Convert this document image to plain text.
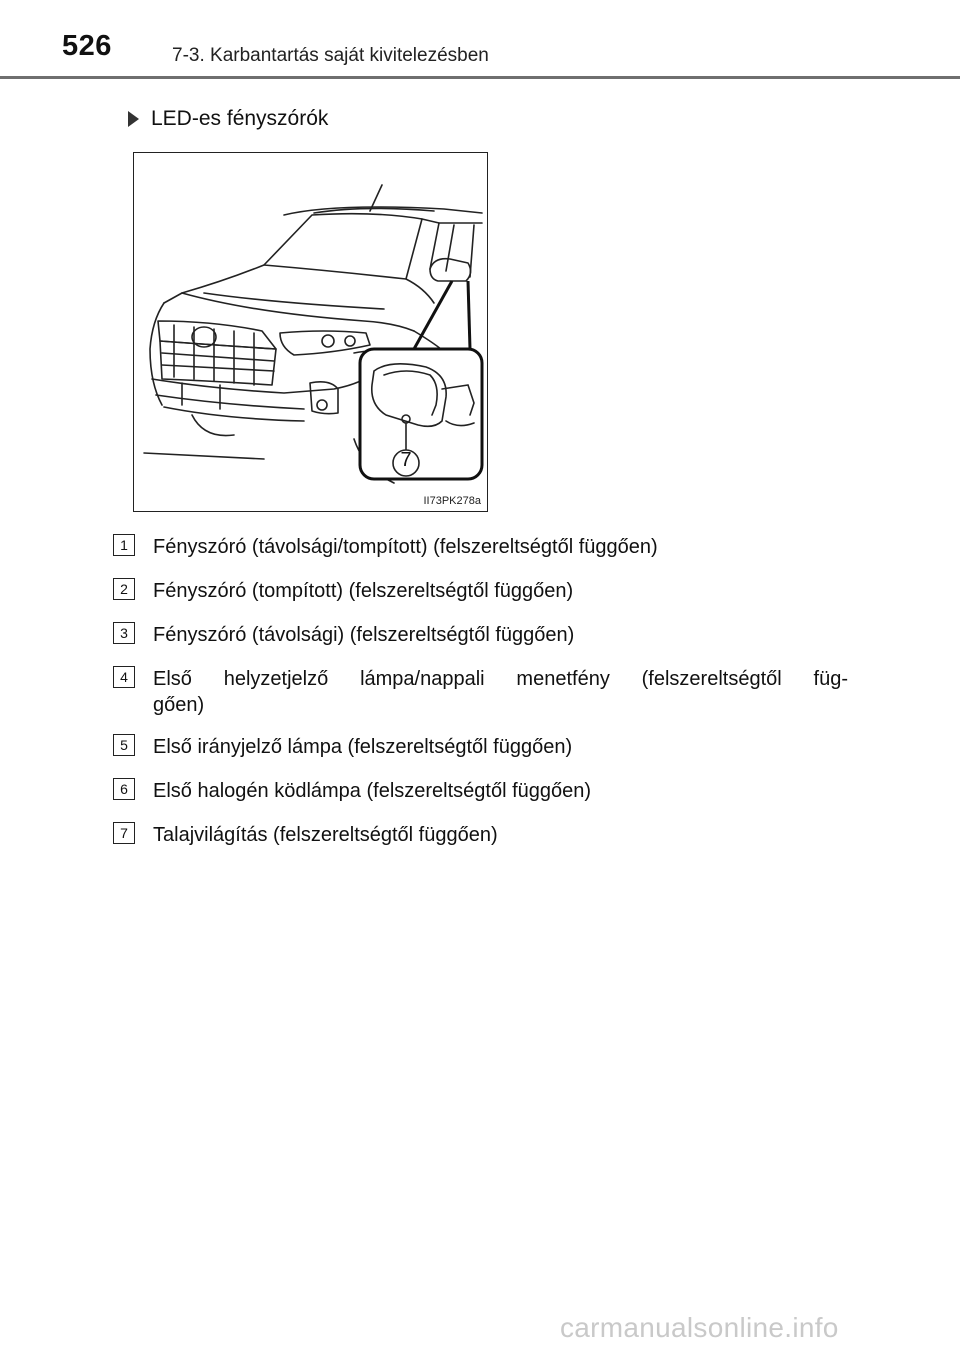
526	7-3. Karbantartás saját kivitelezésben
LED-es fényszórók
7
II73PK278a
1	Fényszóró (távolsági/tompított) (felszereltségtől függően)
2	Fényszóró (tompított) (felszereltségtől függően)
3	Fényszóró (távolsági) (felszereltségtől függően)
4	Első helyzetjelző lámpa/nappali menetfény (felszereltségtől füg-
gően)
5	Első irányjelző lámpa (felszereltségtől függően)
6	Első halogén ködlámpa (felszereltségtől függően)
7	Talajvilágítás (felszereltségtől függően)
carmanualsonline.info
